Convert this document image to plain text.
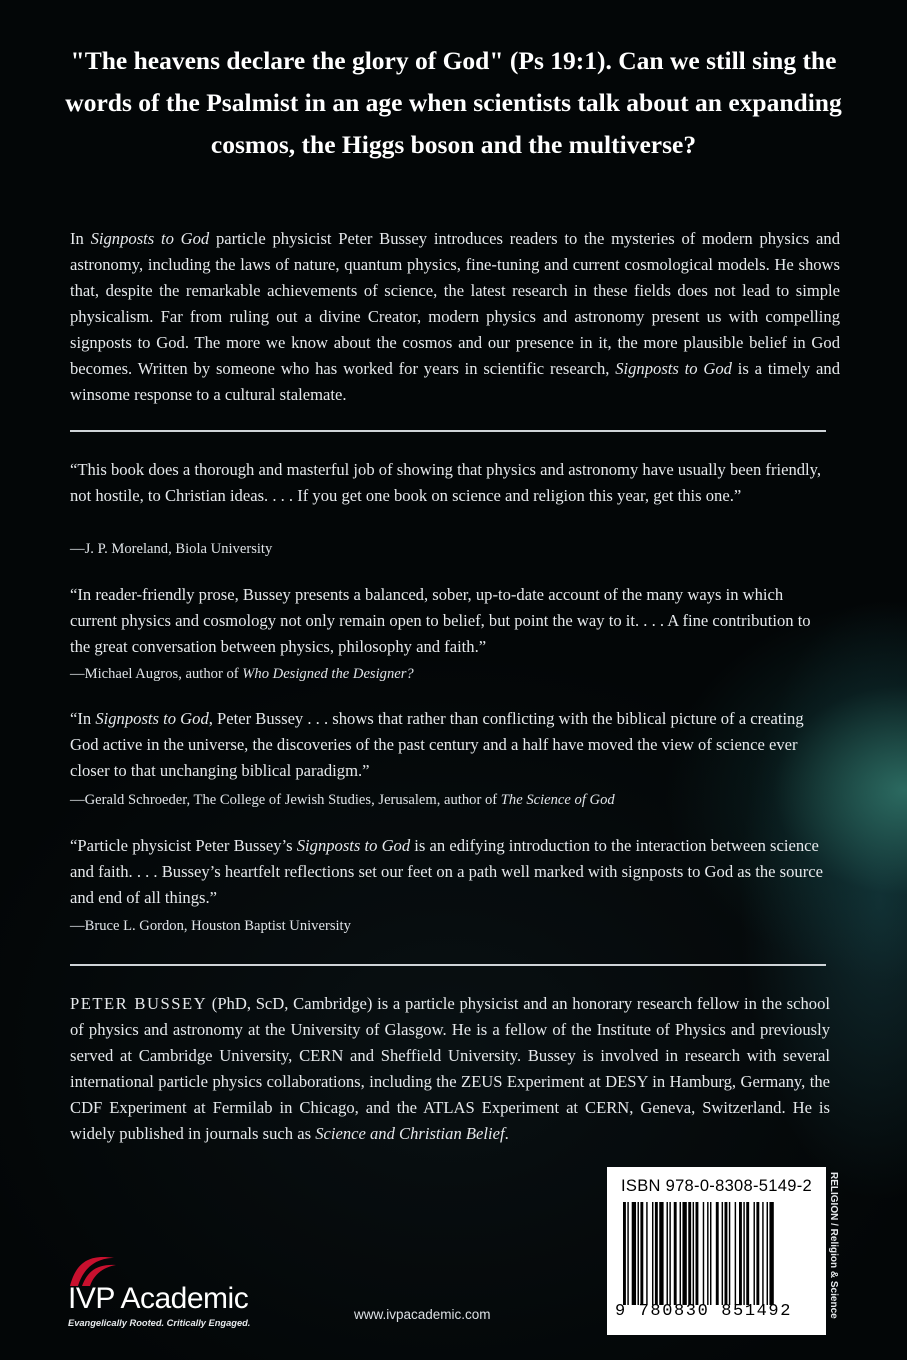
"The heavens declare the glory of God" (Ps 19:1). Can we still sing the words of the Psalmist in an age when scientists talk about an expanding cosmos, the Higgs boson and the multiverse?

In Signposts to God particle physicist Peter Bussey introduces readers to the mysteries of modern physics and astronomy, including the laws of nature, quantum physics, fine-tuning and current cosmological models. He shows that, despite the remarkable achievements of science, the latest research in these fields does not lead to simple physicalism. Far from ruling out a divine Creator, modern physics and astronomy present us with compelling signposts to God. The more we know about the cosmos and our presence in it, the more plausible belief in God becomes. Written by someone who has worked for years in scientific research, Signposts to God is a timely and winsome response to a cultural stalemate.

“This book does a thorough and masterful job of showing that physics and astronomy have usually been friendly, not hostile, to Christian ideas. . . . If you get one book on science and religion this year, get this one.”

—J. P. Moreland, Biola University

“In reader-friendly prose, Bussey presents a balanced, sober, up-to-date account of the many ways in which current physics and cosmology not only remain open to belief, but point the way to it. . . . A fine contribution to the great conversation between physics, philosophy and faith.”

—Michael Augros, author of Who Designed the Designer?

“In Signposts to God, Peter Bussey . . . shows that rather than conflicting with the biblical picture of a creating God active in the universe, the discoveries of the past century and a half have moved the view of science ever closer to that unchanging biblical paradigm.”

—Gerald Schroeder, The College of Jewish Studies, Jerusalem, author of The Science of God

“Particle physicist Peter Bussey’s Signposts to God is an edifying introduction to the interaction between science and faith. . . . Bussey’s heartfelt reflections set our feet on a path well marked with signposts to God as the source and end of all things.”

—Bruce L. Gordon, Houston Baptist University

PETER BUSSEY (PhD, ScD, Cambridge) is a particle physicist and an honorary research fellow in the school of physics and astronomy at the University of Glasgow. He is a fellow of the Institute of Physics and previously served at Cambridge University, CERN and Sheffield University. Bussey is involved in research with several international particle physics collaborations, including the ZEUS Experiment at DESY in Hamburg, Germany, the CDF Experiment at Fermilab in Chicago, and the ATLAS Experiment at CERN, Geneva, Switzerland. He is widely published in journals such as Science and Christian Belief.

ISBN 978-0-8308-5149-2
9 780830 851492	RELIGION / Religion & Science
IVP Academic
Evangelically Rooted. Critically Engaged.
www.ivpacademic.com
